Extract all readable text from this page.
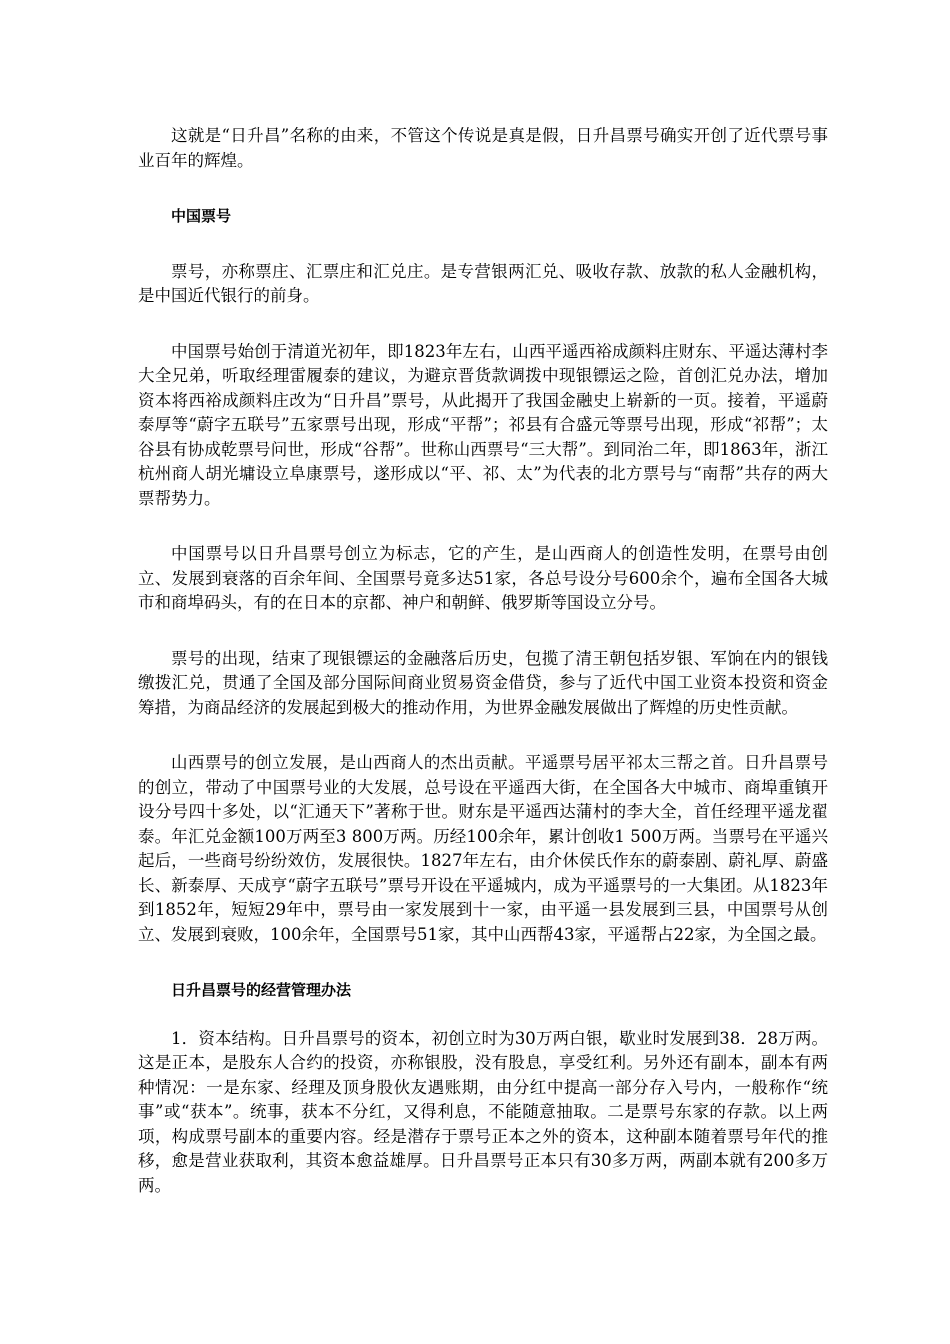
这就是“日升昌”名称的由来，不管这个传说是真是假，日升昌票号确实开创了近代票号事业百年的辉煌。

中国票号

票号，亦称票庄、汇票庄和汇兑庄。是专营银两汇兑、吸收存款、放款的私人金融机构，是中国近代银行的前身。

中国票号始创于清道光初年，即1823年左右，山西平遥西裕成颜料庄财东、平遥达薄村李大全兄弟，听取经理雷履泰的建议，为避京晋货款调拨中现银镖运之险，首创汇兑办法，增加资本将西裕成颜料庄改为“日升昌”票号，从此揭开了我国金融史上崭新的一页。接着，平遥蔚泰厚等“蔚字五联号”五家票号出现，形成“平帮”；祁县有合盛元等票号出现，形成“祁帮”；太谷县有协成乾票号问世，形成“谷帮”。世称山西票号“三大帮”。到同治二年，即1863年，浙江杭州商人胡光墉设立阜康票号，遂形成以“平、祁、太”为代表的北方票号与“南帮”共存的两大票帮势力。

中国票号以日升昌票号创立为标志，它的产生，是山西商人的创造性发明，在票号由创立、发展到衰落的百余年间、全国票号竟多达51家，各总号设分号600余个，遍布全国各大城市和商埠码头，有的在日本的京都、神户和朝鲜、俄罗斯等国设立分号。

票号的出现，结束了现银镖运的金融落后历史，包揽了清王朝包括岁银、军饷在内的银钱缴拨汇兑，贯通了全国及部分国际间商业贸易资金借贷，参与了近代中国工业资本投资和资金筹措，为商品经济的发展起到极大的推动作用，为世界金融发展做出了辉煌的历史性贡献。

山西票号的创立发展，是山西商人的杰出贡献。平遥票号居平祁太三帮之首。日升昌票号的创立，带动了中国票号业的大发展，总号设在平遥西大街，在全国各大中城市、商埠重镇开设分号四十多处，以“汇通天下”著称于世。财东是平遥西达蒲村的李大全，首任经理平遥龙翟泰。年汇兑金额100万两至3 800万两。历经100余年，累计创收1 500万两。当票号在平遥兴起后，一些商号纷纷效仿，发展很快。1827年左右，由介休侯氏作东的蔚泰剧、蔚礼厚、蔚盛长、新泰厚、天成亨“蔚字五联号”票号开设在平遥城内，成为平遥票号的一大集团。从1823年到1852年，短短29年中，票号由一家发展到十一家，由平遥一县发展到三县，中国票号从创立、发展到衰败，100余年，全国票号51家，其中山西帮43家，平遥帮占22家，为全国之最。

日升昌票号的经营管理办法

1．资本结构。日升昌票号的资本，初创立时为30万两白银，歇业时发展到38．28万两。这是正本，是股东人合约的投资，亦称银股，没有股息，享受红利。另外还有副本，副本有两种情况：一是东家、经理及顶身股伙友遇账期，由分红中提高一部分存入号内，一般称作“统事”或“获本”。统事，获本不分红，又得利息，不能随意抽取。二是票号东家的存款。以上两项，构成票号副本的重要内容。经是潜存于票号正本之外的资本，这种副本随着票号年代的推移，愈是营业获取利，其资本愈益雄厚。日升昌票号正本只有30多万两，两副本就有200多万两。
